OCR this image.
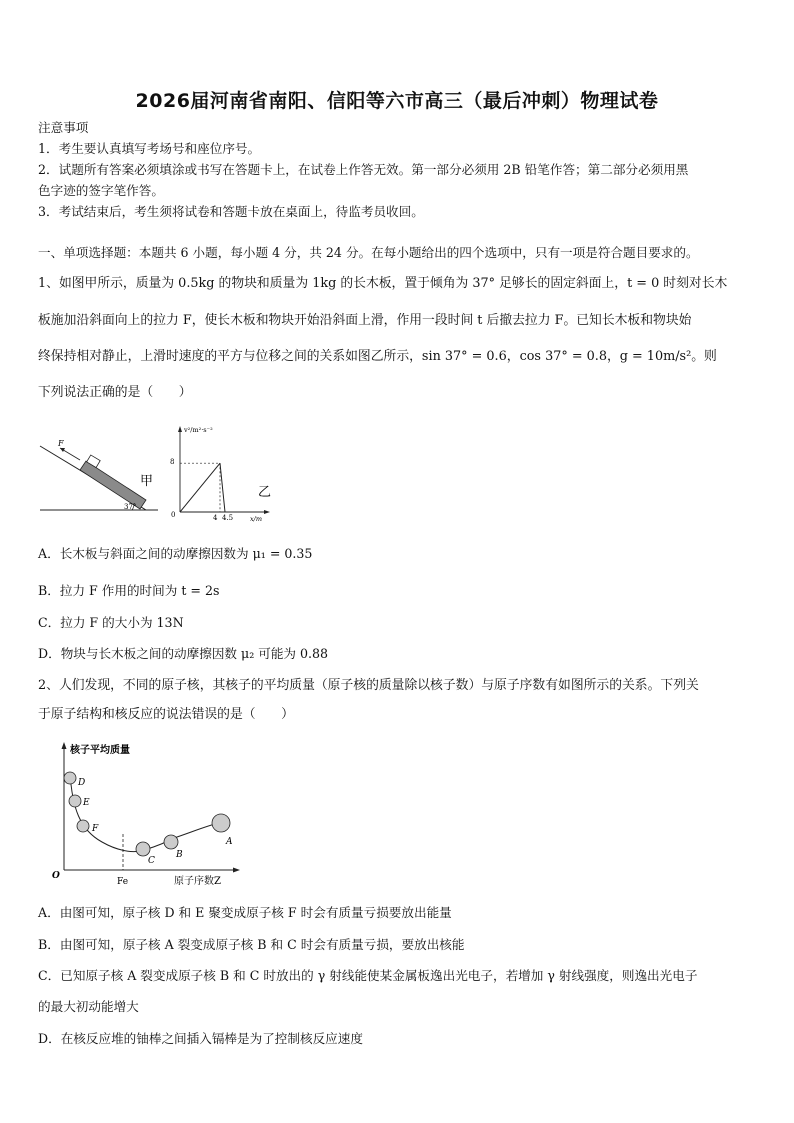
2026届河南省南阳、信阳等六市高三（最后冲刺）物理试卷
注意事项
1．考生要认真填写考场号和座位序号。
2．试题所有答案必须填涂或书写在答题卡上，在试卷上作答无效。第一部分必须用 2B 铅笔作答；第二部分必须用黑
色字迹的签字笔作答。
3．考试结束后，考生须将试卷和答题卡放在桌面上，待监考员收回。
一、单项选择题：本题共 6 小题，每小题 4 分，共 24 分。在每小题给出的四个选项中，只有一项是符合题目要求的。
1、如图甲所示，质量为 0.5kg 的物块和质量为 1kg 的长木板，置于倾角为 37° 足够长的固定斜面上，t = 0 时刻对长木
板施加沿斜面向上的拉力 F，使长木板和物块开始沿斜面上滑，作用一段时间 t 后撤去拉力 F。已知长木板和物块始
终保持相对静止，上滑时速度的平方与位移之间的关系如图乙所示，sin 37° = 0.6，cos 37° = 0.8，g = 10m/s²。则
下列说法正确的是（　　）
F
37°
甲
v²/m²·s⁻²
x/m
0
8
4 4.5
乙
A．长木板与斜面之间的动摩擦因数为 μ₁ = 0.35
B．拉力 F 作用的时间为 t = 2s
C．拉力 F 的大小为 13N
D．物块与长木板之间的动摩擦因数 μ₂ 可能为 0.88
2、人们发现，不同的原子核，其核子的平均质量（原子核的质量除以核子数）与原子序数有如图所示的关系。下列关
于原子结构和核反应的说法错误的是（　　）
核子平均质量
原子序数Z
O
Fe
D
E
F
C
B
A
A．由图可知，原子核 D 和 E 聚变成原子核 F 时会有质量亏损要放出能量
B．由图可知，原子核 A 裂变成原子核 B 和 C 时会有质量亏损，要放出核能
C．已知原子核 A 裂变成原子核 B 和 C 时放出的 γ 射线能使某金属板逸出光电子，若增加 γ 射线强度，则逸出光电子
的最大初动能增大
D．在核反应堆的铀棒之间插入镉棒是为了控制核反应速度
